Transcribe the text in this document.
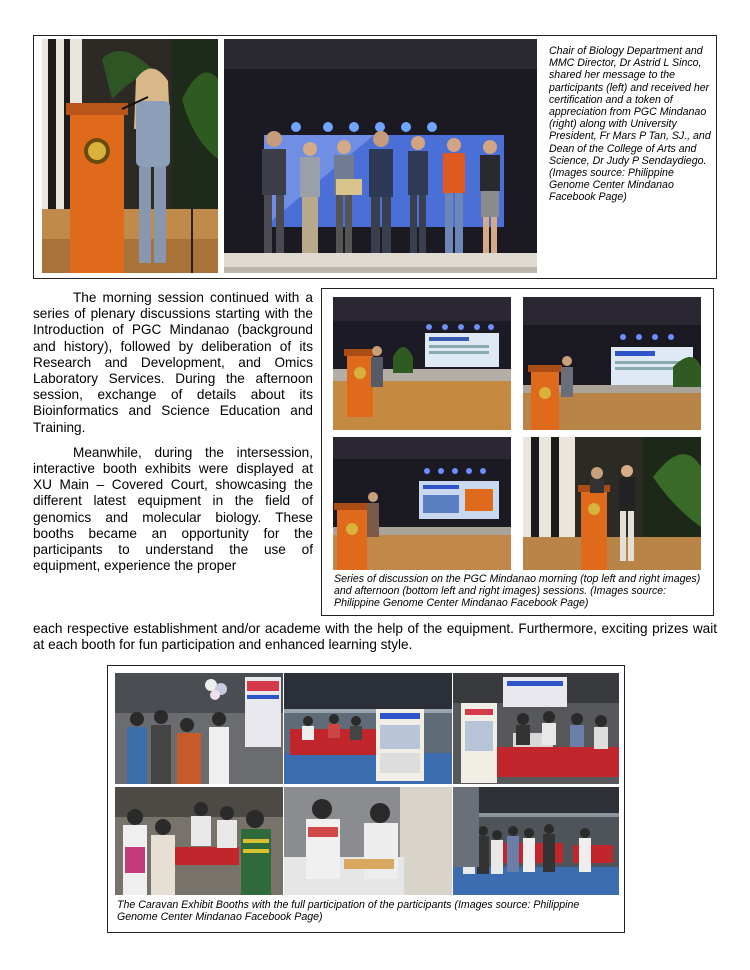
Chair of Biology Department and MMC Director, Dr Astrid L Sinco, shared her message to the participants (left) and received her certification and a token of appreciation from PGC Mindanao (right) along with University President, Fr Mars P Tan, SJ., and Dean of the College of Arts and Science, Dr Judy P Sendaydiego. (Images source: Philippine Genome Center Mindanao Facebook Page)

The morning session continued with a series of plenary discussions starting with the Introduction of PGC Mindanao (background and history), followed by deliberation of its Research and Development, and Omics Laboratory Services. During the afternoon session, exchange of details about its Bioinformatics and Science Education and Training.

Meanwhile, during the intersession, interactive booth exhibits were displayed at XU Main – Covered Court, showcasing the different latest equipment in the field of genomics and molecular biology. These booths became an opportunity for the participants to understand the use of equipment, experience the proper

Series of discussion on the PGC Mindanao morning (top left and right images) and afternoon (bottom left and right images) sessions. (Images source: Philippine Genome Center Mindanao Facebook Page)
each respective establishment and/or academe with the help of the equipment. Furthermore, exciting prizes wait at each booth for fun participation and enhanced learning style.
The Caravan Exhibit Booths with the full participation of the participants (Images source: Philippine Genome Center Mindanao Facebook Page)
